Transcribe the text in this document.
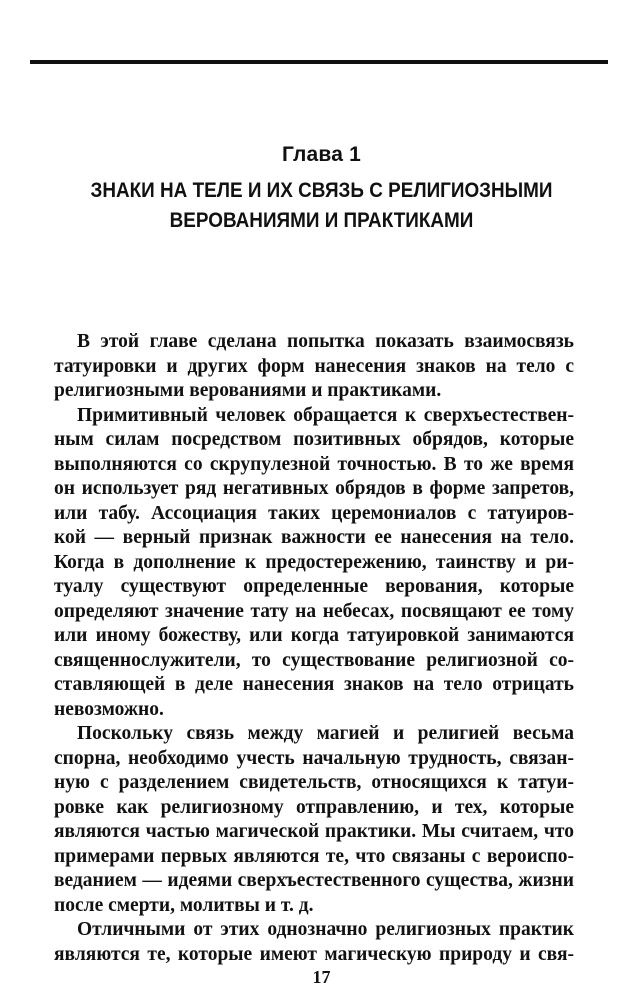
Глава 1
ЗНАКИ НА ТЕЛЕ И ИХ СВЯЗЬ С РЕЛИГИОЗНЫМИ
ВЕРОВАНИЯМИ И ПРАКТИКАМИ
В этой главе сделана попытка показать взаимосвязь
татуировки и других форм нанесения знаков на тело с
религиозными верованиями и практиками.
Примитивный человек обращается к сверхъестествен-
ным силам посредством позитивных обрядов, которые
выполняются со скрупулезной точностью. В то же время
он использует ряд негативных обрядов в форме запретов,
или табу. Ассоциация таких церемониалов с татуиров-
кой — верный признак важности ее нанесения на тело.
Когда в дополнение к предостережению, таинству и ри-
туалу существуют определенные верования, которые
определяют значение тату на небесах, посвящают ее тому
или иному божеству, или когда татуировкой занимаются
священнослужители, то существование религиозной со-
ставляющей в деле нанесения знаков на тело отрицать
невозможно.
Поскольку связь между магией и религией весьма
спорна, необходимо учесть начальную трудность, связан-
ную с разделением свидетельств, относящихся к татуи-
ровке как религиозному отправлению, и тех, которые
являются частью магической практики. Мы считаем, что
примерами первых являются те, что связаны с вероиспо-
веданием — идеями сверхъестественного существа, жизни
после смерти, молитвы и т. д.
Отличными от этих однозначно религиозных практик
являются те, которые имеют магическую природу и свя-
17
